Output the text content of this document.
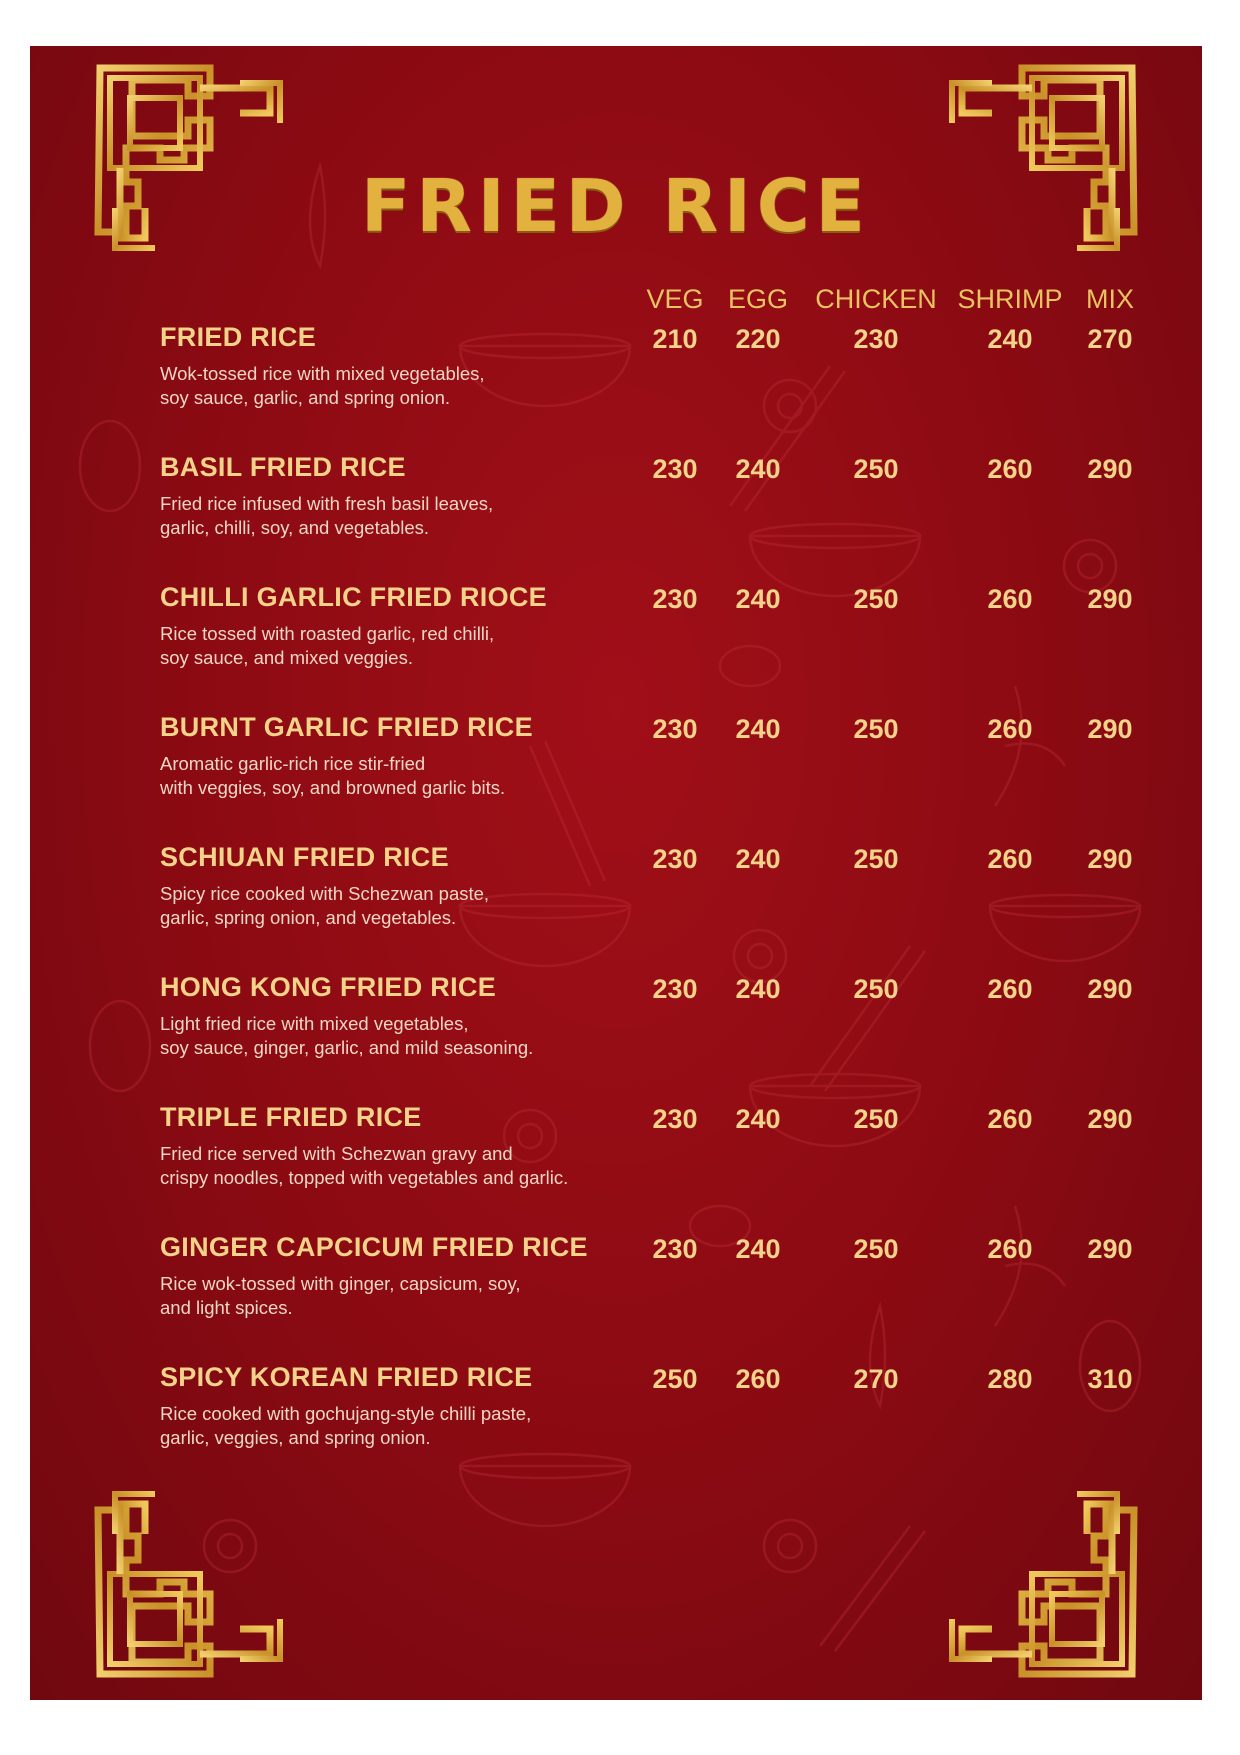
FRIED RICE
VEG EGG CHICKEN SHRIMP MIX
FRIED RICE
Wok-tossed rice with mixed vegetables,
soy sauce, garlic, and spring onion.
210 220	230	240 270
BASIL FRIED RICE
Fried rice infused with fresh basil leaves,
garlic, chilli, soy, and vegetables.
230 240	250	260 290
CHILLI GARLIC FRIED RIOCE
Rice tossed with roasted garlic, red chilli,
soy sauce, and mixed veggies.
230 240	250	260 290
BURNT GARLIC FRIED RICE
Aromatic garlic-rich rice stir-fried
with veggies, soy, and browned garlic bits.
230 240	250	260 290
SCHIUAN FRIED RICE
Spicy rice cooked with Schezwan paste,
garlic, spring onion, and vegetables.
230 240	250	260 290
HONG KONG FRIED RICE
Light fried rice with mixed vegetables,
soy sauce, ginger, garlic, and mild seasoning.
230 240	250	260 290
TRIPLE FRIED RICE
Fried rice served with Schezwan gravy and
crispy noodles, topped with vegetables and garlic.
230 240	250	260 290
GINGER CAPCICUM FRIED RICE
Rice wok-tossed with ginger, capsicum, soy,
and light spices.
230 240	250	260 290
SPICY KOREAN FRIED RICE
Rice cooked with gochujang-style chilli paste,
garlic, veggies, and spring onion.
250 260	270	280 310
